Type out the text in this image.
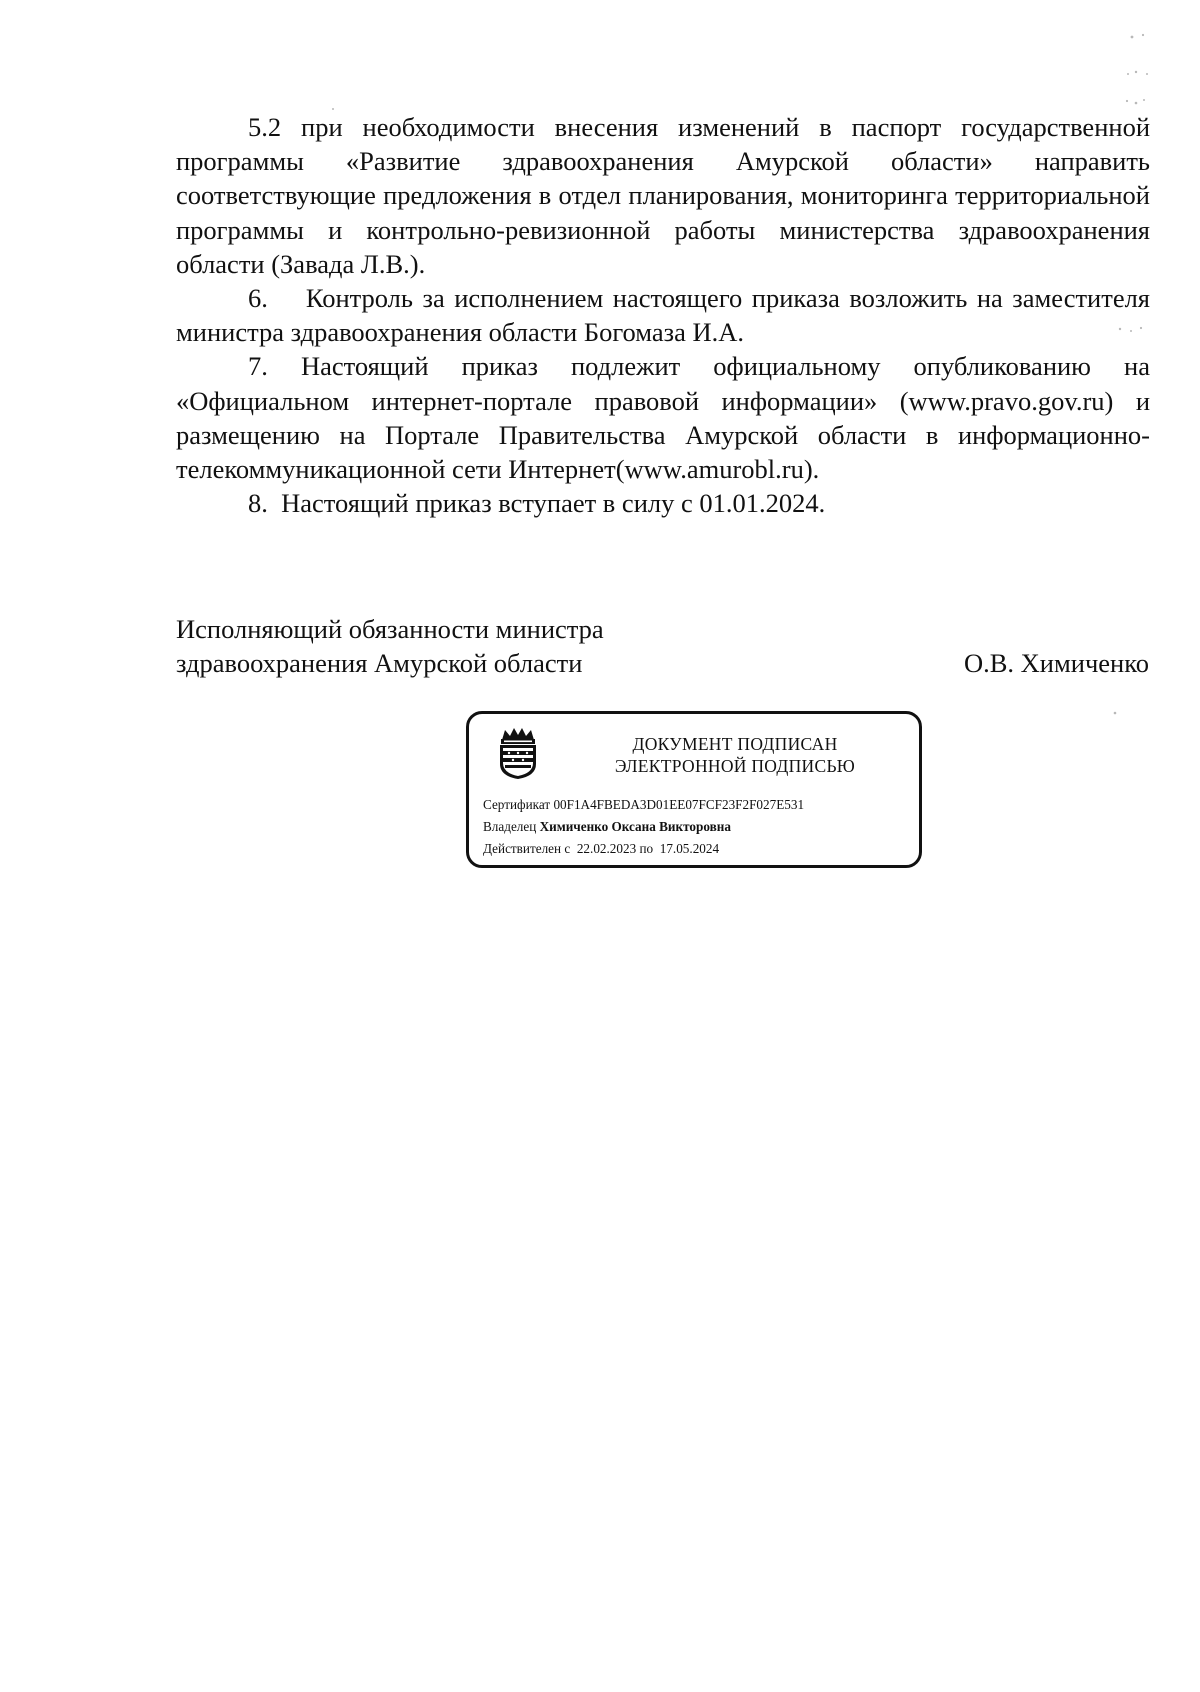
5.2 при необходимости внесения изменений в паспорт государственной программы «Развитие здравоохранения Амурской области» направить соответствующие предложения в отдел планирования, мониторинга территориальной программы и контрольно-ревизионной работы министерства здравоохранения области (Завада Л.В.).

6.    Контроль за исполнением настоящего приказа возложить на заместителя министра здравоохранения области Богомаза И.А.

7. Настоящий приказ подлежит официальному опубликованию на «Официальном интернет-портале правовой информации» (www.pravo.gov.ru) и размещению на Портале Правительства Амурской области в информационно-телекоммуникационной сети Интернет(www.amurobl.ru).

8.  Настоящий приказ вступает в силу с 01.01.2024.

Исполняющий обязанности министра
здравоохранения Амурской области	О.В. Химиченко
ДОКУМЕНТ ПОДПИСАН
ЭЛЕКТРОННОЙ ПОДПИСЬЮ
Сертификат 00F1A4FBEDA3D01EE07FCF23F2F027E531
Владелец Химиченко Оксана Викторовна
Действителен с 22.02.2023 по 17.05.2024
